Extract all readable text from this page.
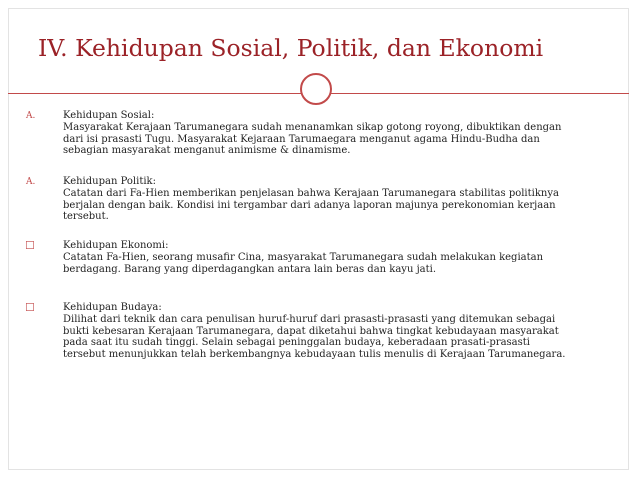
IV. Kehidupan Sosial, Politik, dan Ekonomi
A.	Kehidupan Sosial:
Masyarakat Kerajaan Tarumanegara sudah menanamkan sikap gotong royong, dibuktikan dengan
dari isi prasasti Tugu. Masyarakat Kejaraan Tarumaegara menganut agama Hindu-Budha dan
sebagian masyarakat menganut animisme & dinamisme.
A.	Kehidupan Politik:
Catatan dari Fa-Hien memberikan penjelasan bahwa Kerajaan Tarumanegara stabilitas politiknya
berjalan dengan baik. Kondisi ini tergambar dari adanya laporan majunya perekonomian kerjaan
tersebut.
☐	Kehidupan Ekonomi:
Catatan Fa-Hien, seorang musafir Cina, masyarakat Tarumanegara sudah melakukan kegiatan
berdagang. Barang yang diperdagangkan antara lain beras dan kayu jati.
☐	Kehidupan Budaya:
Dilihat dari teknik dan cara penulisan huruf-huruf dari prasasti-prasasti yang ditemukan sebagai
bukti kebesaran Kerajaan Tarumanegara, dapat diketahui bahwa tingkat kebudayaan masyarakat
pada saat itu sudah tinggi. Selain sebagai peninggalan budaya, keberadaan prasati-prasasti
tersebut menunjukkan telah berkembangnya kebudayaan tulis menulis di Kerajaan Tarumanegara.
